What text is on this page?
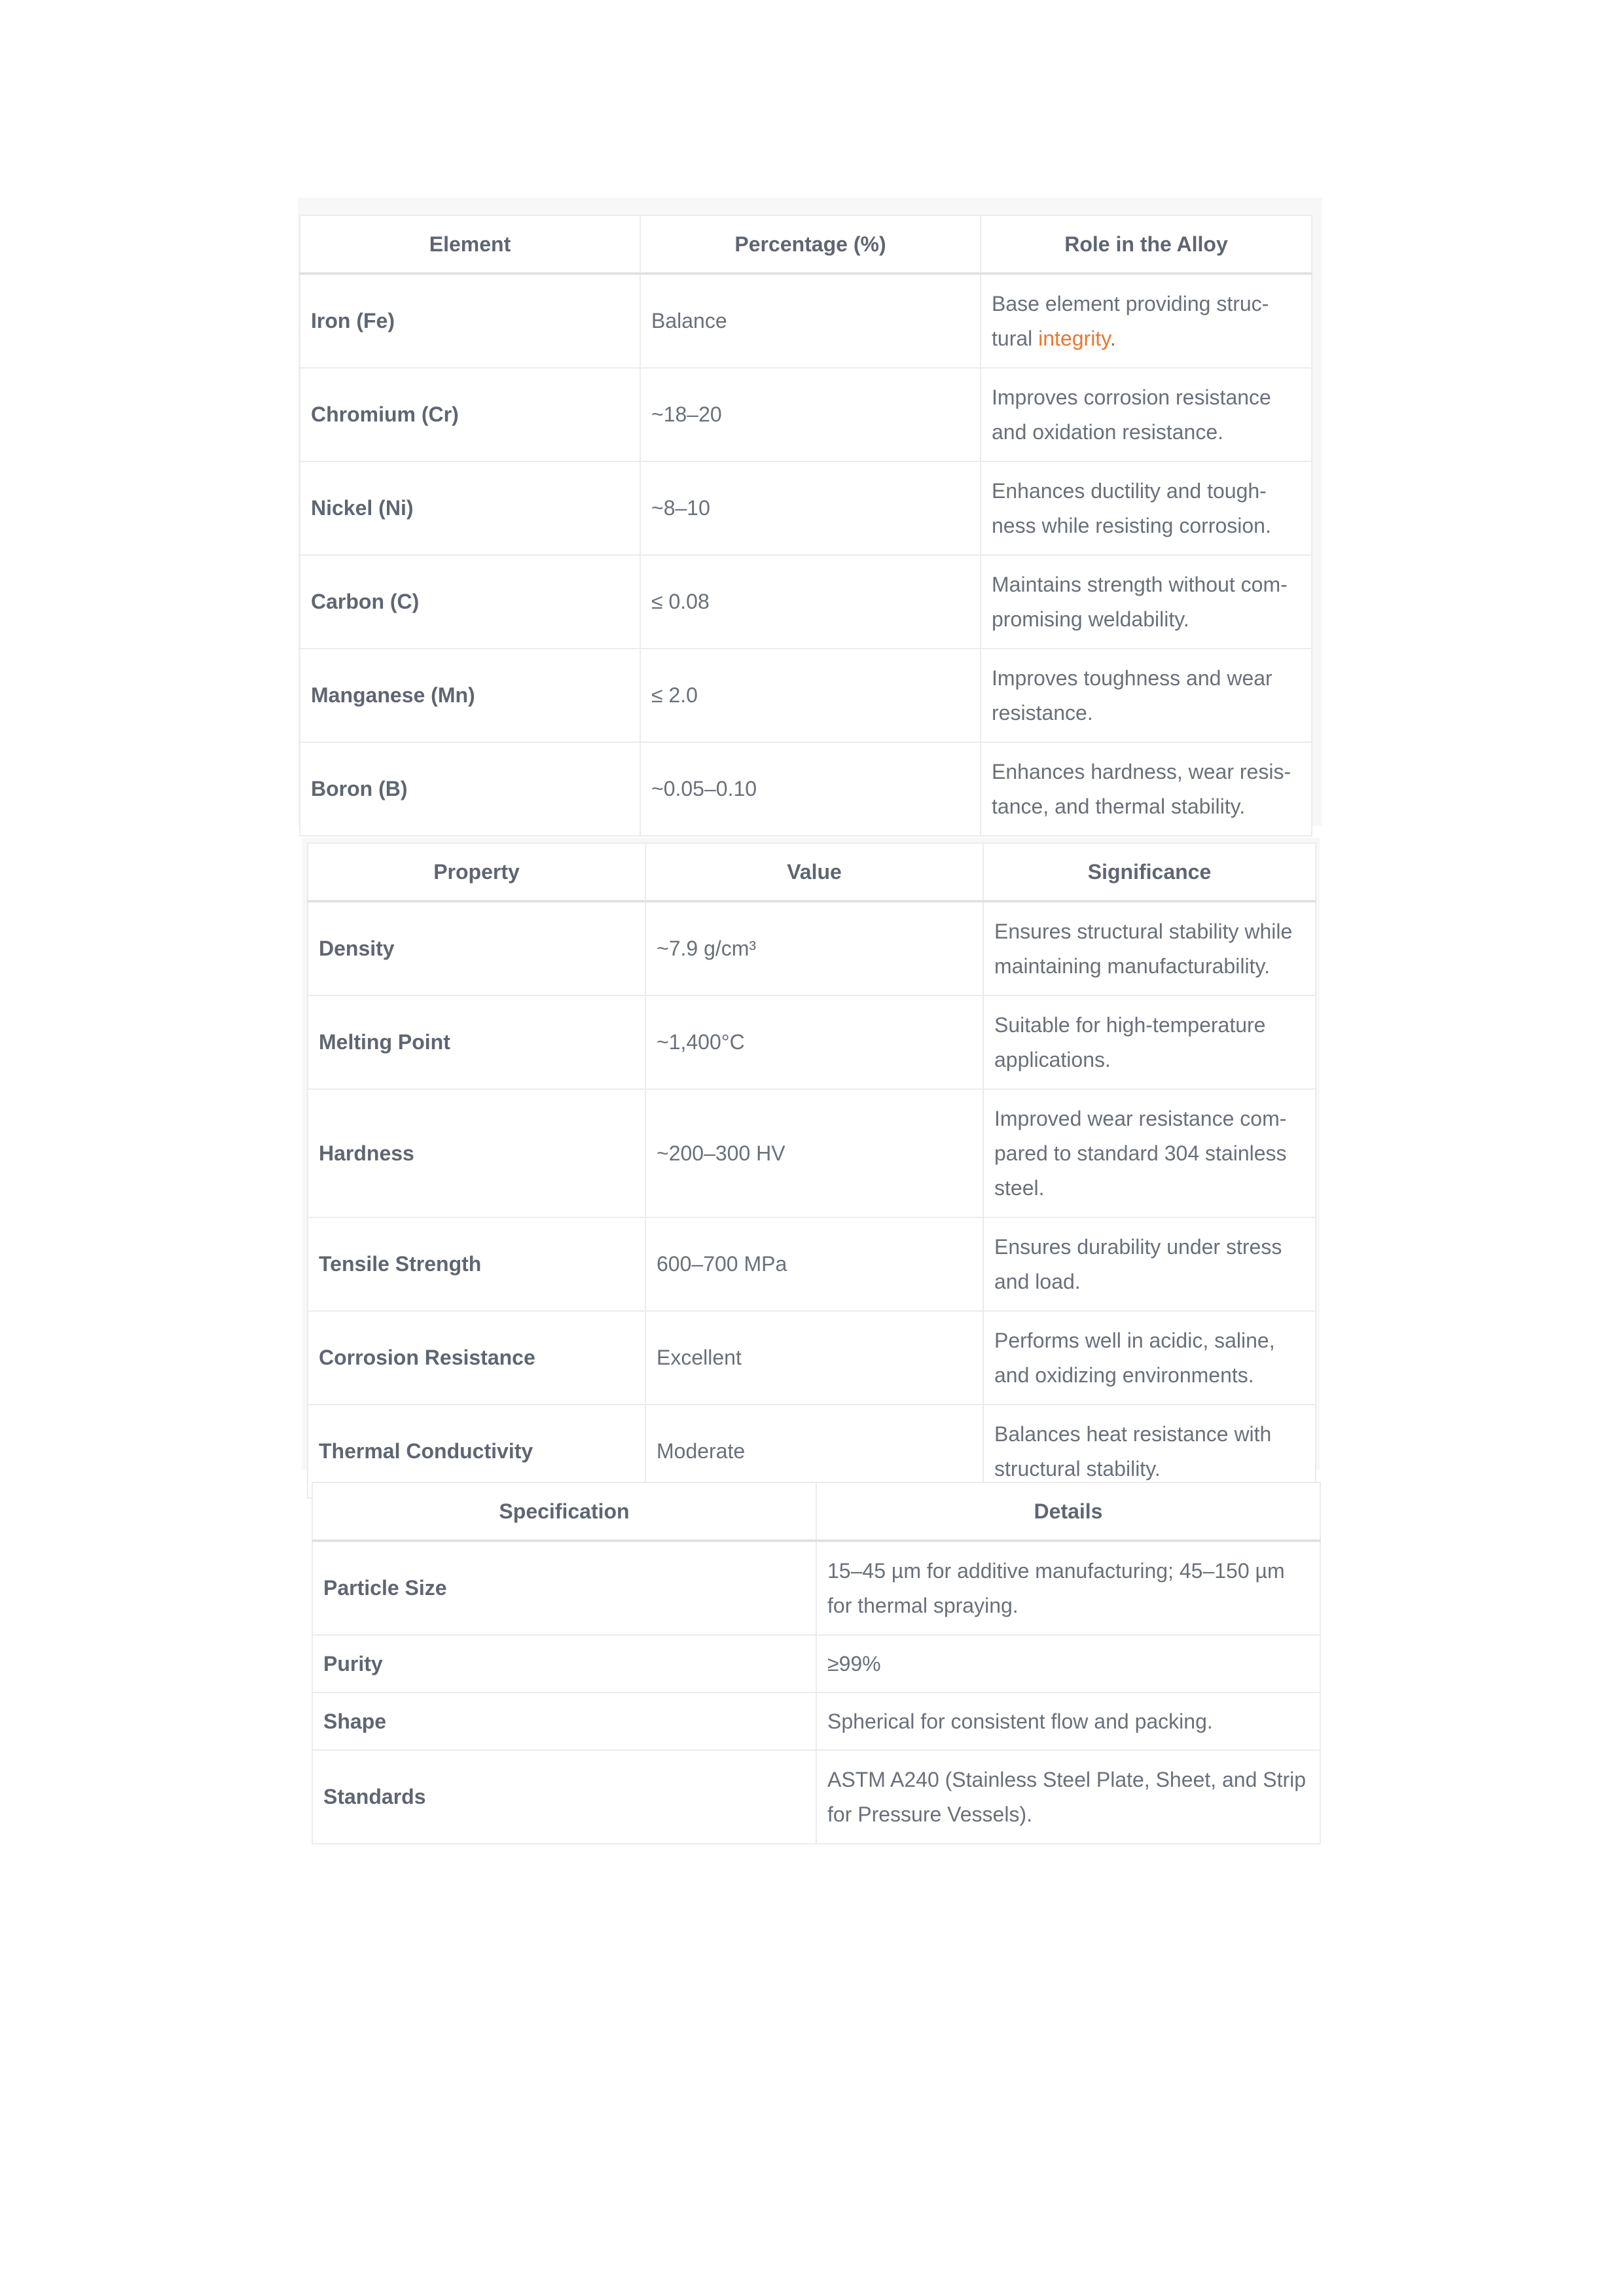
Element	Percentage (%)	Role in the Alloy
Iron (Fe)	Balance	Base element providing structural integrity.
Chromium (Cr)	~18–20	Improves corrosion resistance and oxidation resistance.
Nickel (Ni)	~8–10	Enhances ductility and toughness while resisting corrosion.
Carbon (C)	≤ 0.08	Maintains strength without compromising weldability.
Manganese (Mn)	≤ 2.0	Improves toughness and wear resistance.
Boron (B)	~0.05–0.10	Enhances hardness, wear resistance, and thermal stability.
Property	Value	Significance
Density	~7.9 g/cm³	Ensures structural stability while maintaining manufacturability.
Melting Point	~1,400°C	Suitable for high-temperature applications.
Hardness	~200–300 HV	Improved wear resistance compared to standard 304 stainless steel.
Tensile Strength	600–700 MPa	Ensures durability under stress and load.
Corrosion Resistance	Excellent	Performs well in acidic, saline, and oxidizing environments.
Thermal Conductivity	Moderate	Balances heat resistance with structural stability.
Specification	Details
Particle Size	15–45 µm for additive manufacturing; 45–150 µm for thermal spraying.
Purity	≥99%
Shape	Spherical for consistent flow and packing.
Standards	ASTM A240 (Stainless Steel Plate, Sheet, and Strip for Pressure Vessels).
